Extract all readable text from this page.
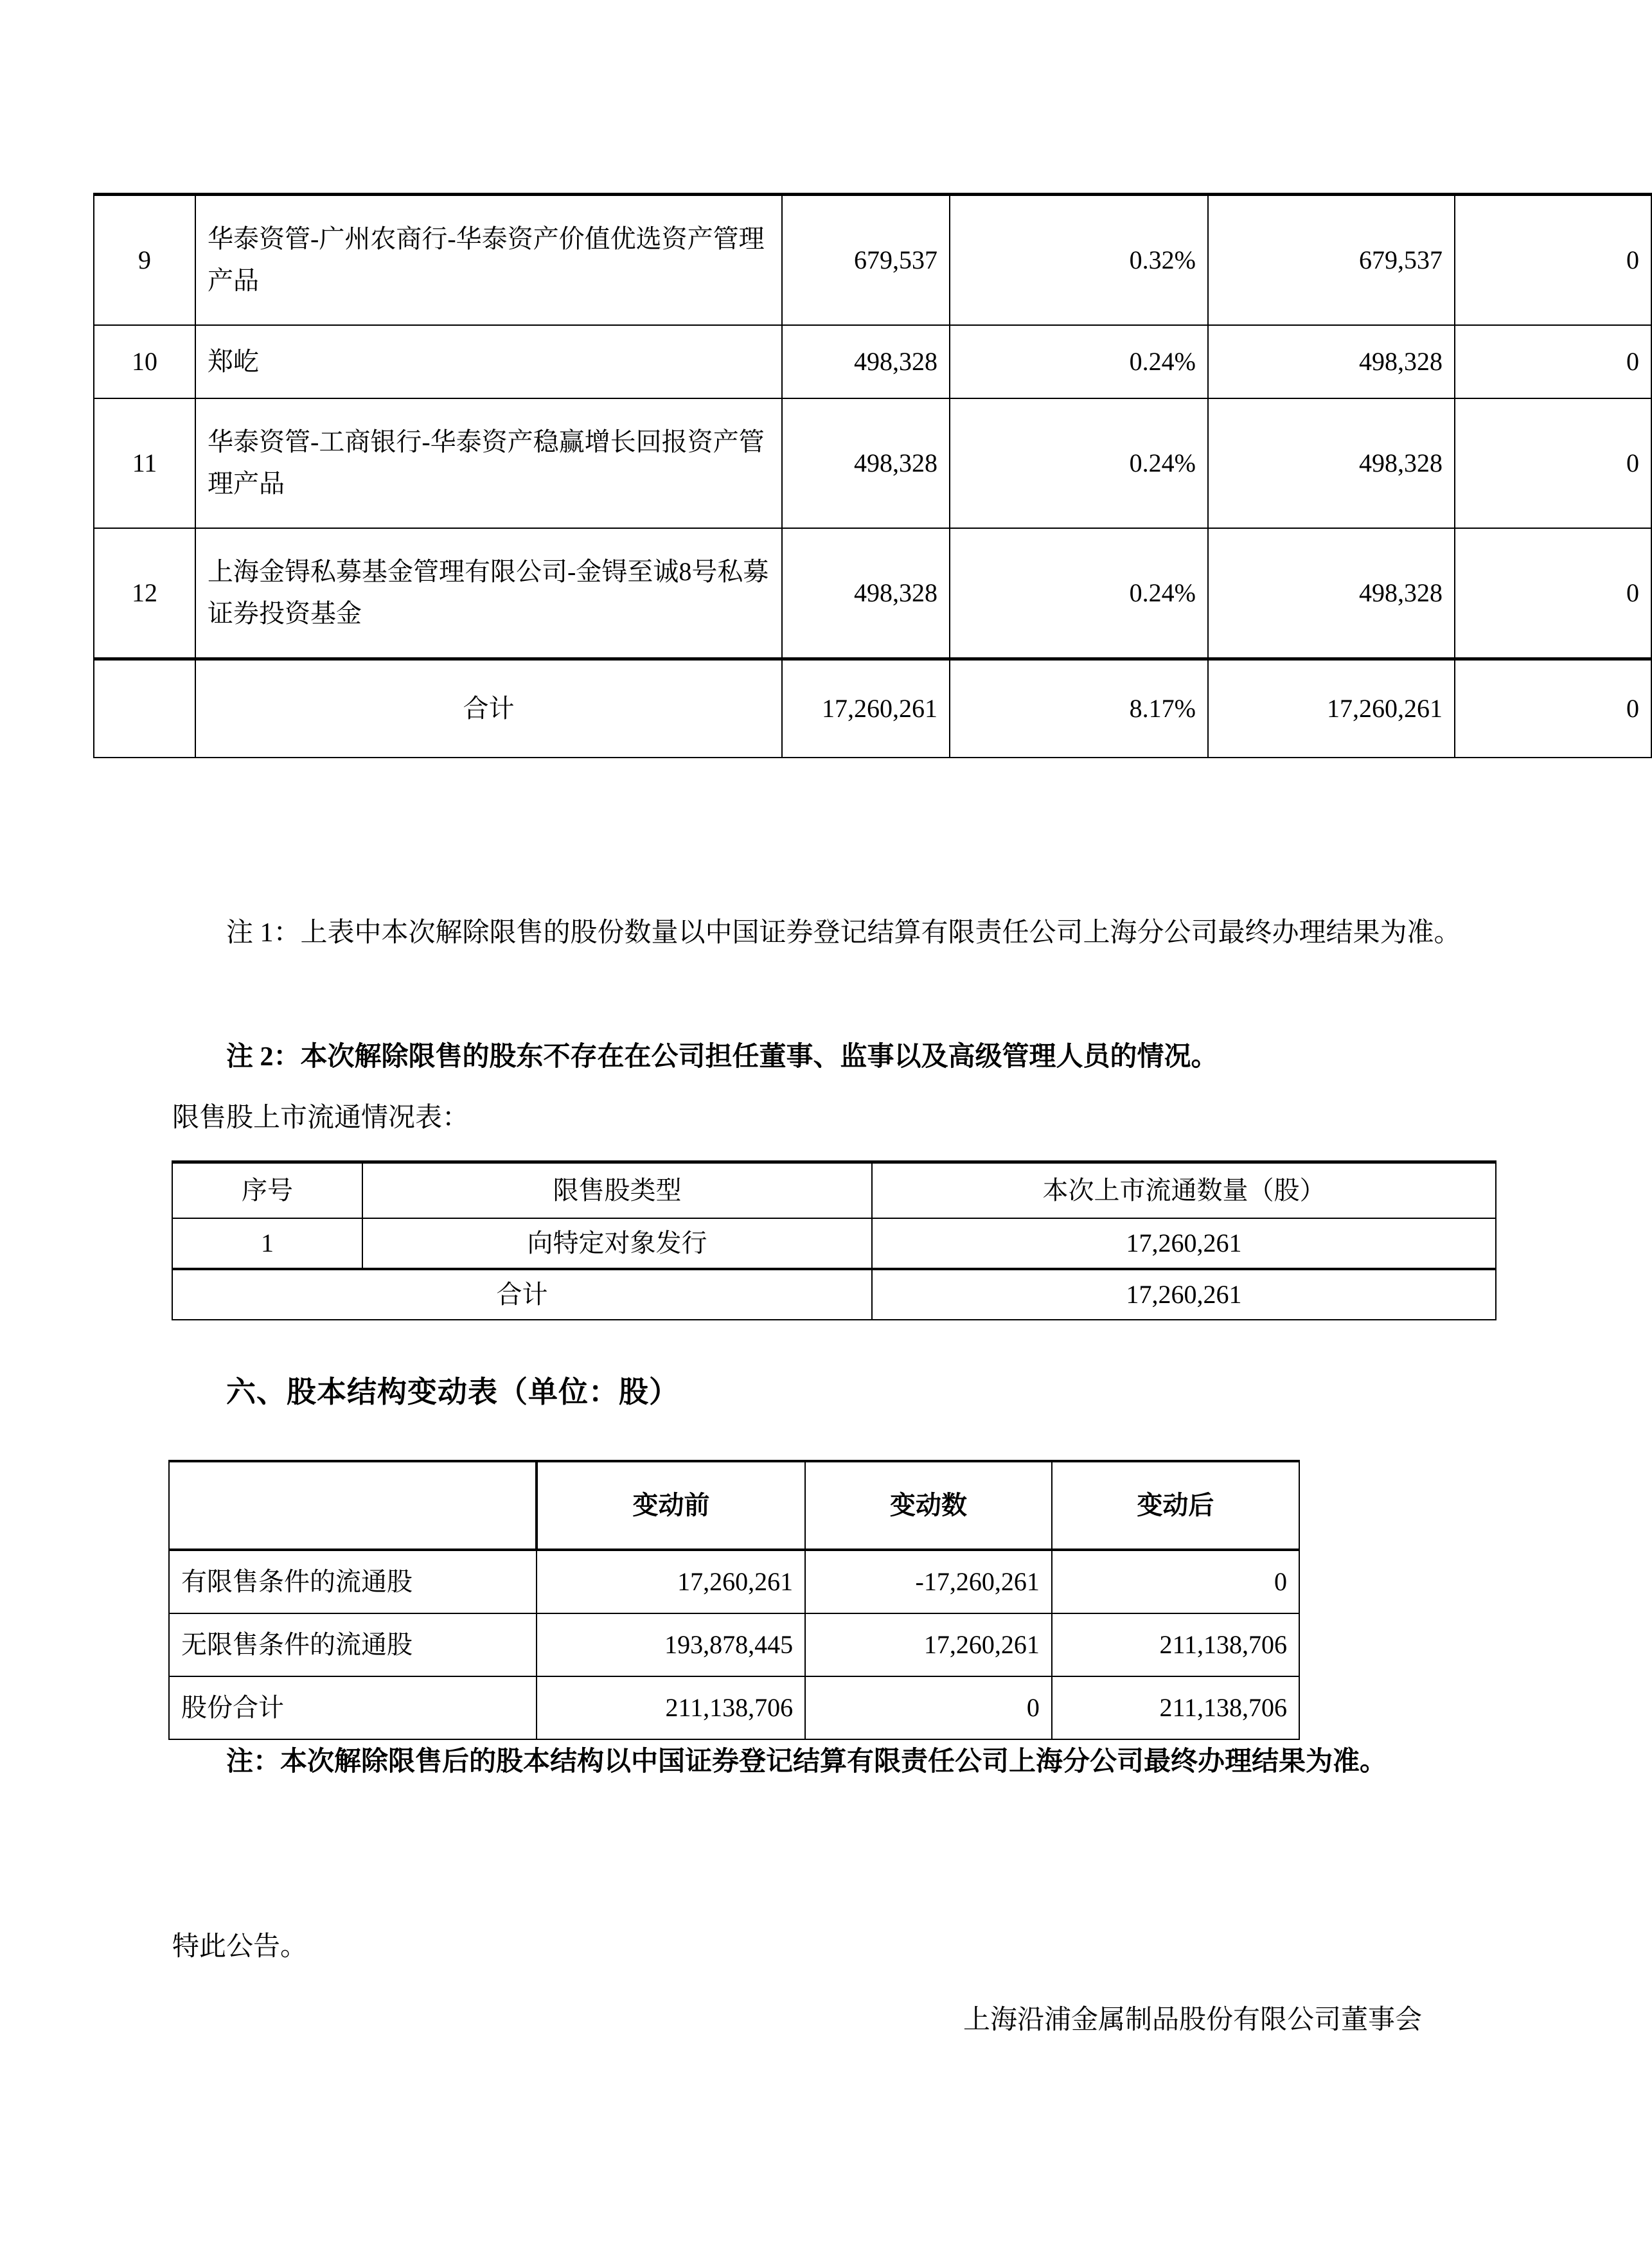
9	华泰资管-广州农商行-华泰资产价值优选资产管理产品	679,537	0.32%	679,537	0
10	郑屹	498,328	0.24%	498,328	0
11	华泰资管-工商银行-华泰资产稳赢增长回报资产管理产品	498,328	0.24%	498,328	0
12	上海金锝私募基金管理有限公司-金锝至诚8号私募证券投资基金	498,328	0.24%	498,328	0
	合计	17,260,261	8.17%	17,260,261	0
注 1：上表中本次解除限售的股份数量以中国证券登记结算有限责任公司上海分公司最终办理结果为准。
注 2：本次解除限售的股东不存在在公司担任董事、监事以及高级管理人员的情况。
限售股上市流通情况表：
序号	限售股类型	本次上市流通数量（股）
1	向特定对象发行	17,260,261
合计		17,260,261
六、股本结构变动表（单位：股）
	变动前	变动数	变动后
有限售条件的流通股	17,260,261	-17,260,261	0
无限售条件的流通股	193,878,445	17,260,261	211,138,706
股份合计	211,138,706	0	211,138,706
注：本次解除限售后的股本结构以中国证券登记结算有限责任公司上海分公司最终办理结果为准。
特此公告。
上海沿浦金属制品股份有限公司董事会
